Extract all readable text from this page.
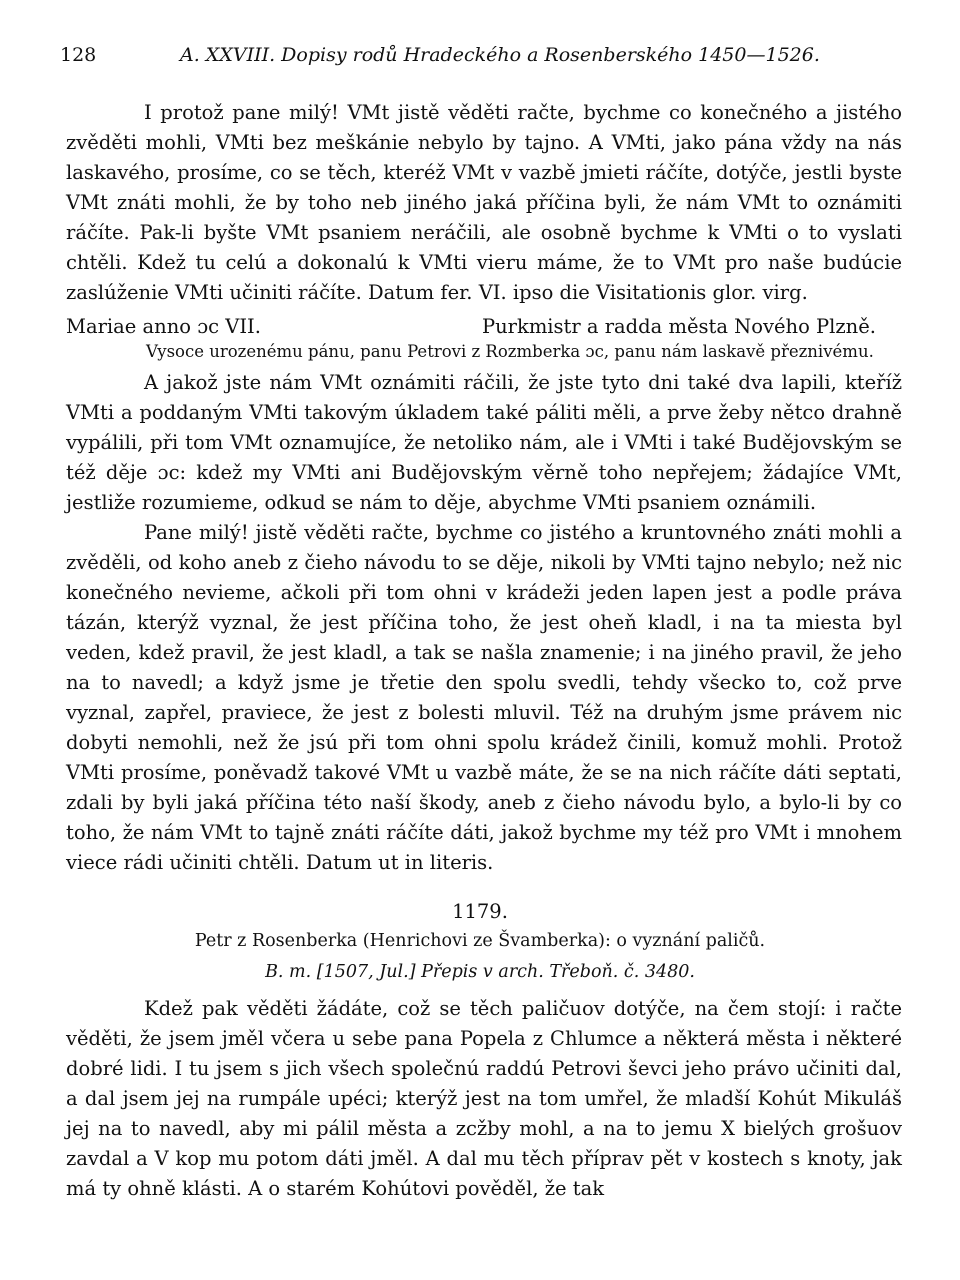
128	A. XXVIII. Dopisy rodů Hradeckého a Rosenberského 1450—1526.

I protož pane milý! VMt jistě věděti račte, bychme co konečného a jistého zvěděti mohli, VMti bez meškánie nebylo by tajno. A VMti, jako pána vždy na nás laskavého, prosíme, co se těch, kteréž VMt v vazbě jmieti ráčíte, dotýče, jestli byste VMt znáti mohli, že by toho neb jiného jaká příčina byli, že nám VMt to oznámiti ráčíte. Pak-li byšte VMt psaniem neráčili, ale osobně bychme k VMti o to vyslati chtěli. Kdež tu celú a dokonalú k VMti vieru máme, že to VMt pro naše budúcie zaslúženie VMti učiniti ráčíte. Datum fer. VI. ipso die Visitationis glor. virg.

Mariae anno ɔc VII.	Purkmistr a radda města Nového Plzně.
Vysoce urozenému pánu, panu Petrovi z Rozmberka ɔc, panu nám laskavě přeznivému.

A jakož jste nám VMt oznámiti ráčili, že jste tyto dni také dva lapili, kteříž VMti a poddaným VMti takovým úkladem také páliti měli, a prve žeby nětco drahně vypálili, při tom VMt oznamujíce, že netoliko nám, ale i VMti i také Budějovským se též děje ɔc: kdež my VMti ani Budějovským věrně toho nepřejem; žádajíce VMt, jestliže rozumieme, odkud se nám to děje, abychme VMti psaniem oznámili.

Pane milý! jistě věděti račte, bychme co jistého a kruntovného znáti mohli a zvěděli, od koho aneb z čieho návodu to se děje, nikoli by VMti tajno nebylo; než nic konečného nevieme, ačkoli při tom ohni v krádeži jeden lapen jest a podle práva tázán, kterýž vyznal, že jest příčina toho, že jest oheň kladl, i na ta miesta byl veden, kdež pravil, že jest kladl, a tak se našla znamenie; i na jiného pravil, že jeho na to navedl; a když jsme je třetie den spolu svedli, tehdy všecko to, což prve vyznal, zapřel, praviece, že jest z bolesti mluvil. Též na druhým jsme právem nic dobyti nemohli, než že jsú při tom ohni spolu krádež činili, komuž mohli. Protož VMti prosíme, poněvadž takové VMt u vazbě máte, že se na nich ráčíte dáti septati, zdali by byli jaká příčina této naší škody, aneb z čieho návodu bylo, a bylo-li by co toho, že nám VMt to tajně znáti ráčíte dáti, jakož bychme my též pro VMt i mnohem viece rádi učiniti chtěli. Datum ut in literis.

1179.
Petr z Rosenberka (Henrichovi ze Švamberka): o vyznání paličů.
B. m. [1507, Jul.] Přepis v arch. Třeboň. č. 3480.

Kdež pak věděti žádáte, což se těch paličuov dotýče, na čem stojí: i račte věděti, že jsem jměl včera u sebe pana Popela z Chlumce a některá města i některé dobré lidi. I tu jsem s jich všech společnú raddú Petrovi ševci jeho právo učiniti dal, a dal jsem jej na rumpále upéci; kterýž jest na tom umřel, že mladší Kohút Mikuláš jej na to navedl, aby mi pálil města a zcžby mohl, a na to jemu X bielých grošuov zavdal a V kop mu potom dáti jměl. A dal mu těch příprav pět v kostech s knoty, jak má ty ohně klásti. A o starém Kohútovi pověděl, že tak
